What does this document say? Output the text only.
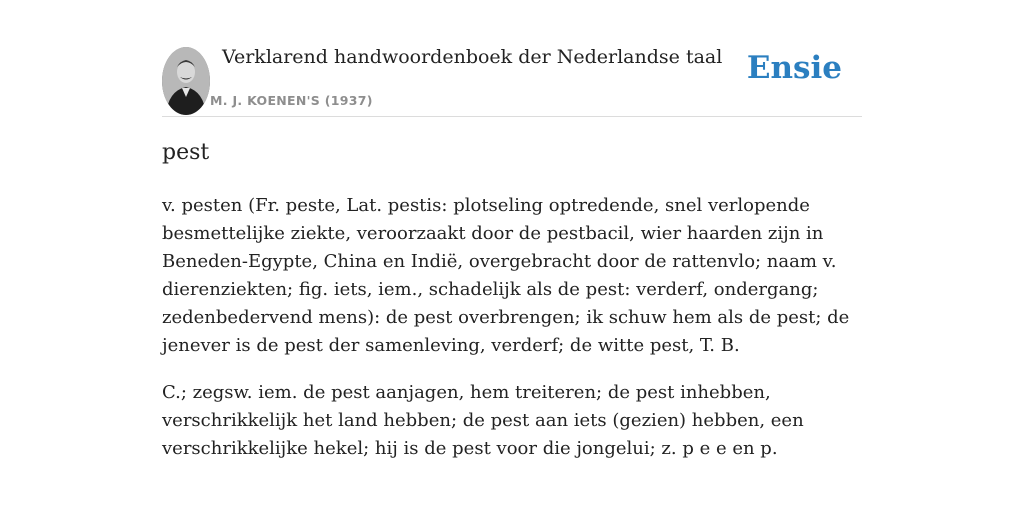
Verklarend handwoordenboek der Nederlandse taal
M. J. KOENEN'S (1937)
Ensie
pest

v. pesten (Fr. peste, Lat. pestis: plotseling optredende, snel verlopende besmettelijke ziekte, veroorzaakt door de pestbacil, wier haarden zijn in Beneden-Egypte, China en Indië, overgebracht door de rattenvlo; naam v. dierenziekten; fig. iets, iem., schadelijk als de pest: verderf, ondergang; zedenbedervend mens): de pest overbrengen; ik schuw hem als de pest; de jenever is de pest der samenleving, verderf; de witte pest, T. B.

C.; zegsw. iem. de pest aanjagen, hem treiteren; de pest inhebben, verschrikkelijk het land hebben; de pest aan iets (gezien) hebben, een verschrikkelijke hekel; hij is de pest voor die jongelui; z. p e e en p.
